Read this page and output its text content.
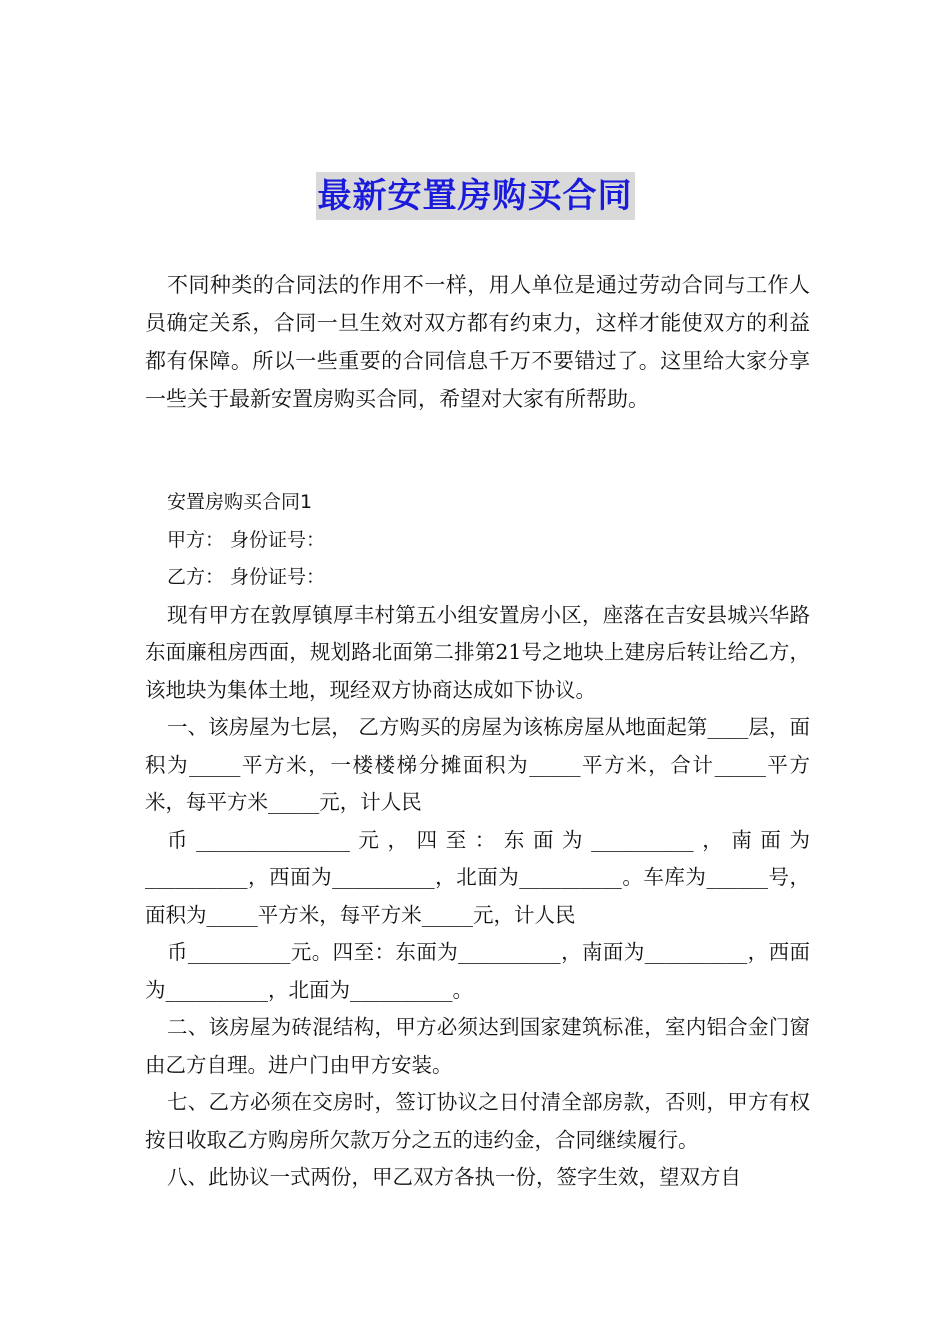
最新安置房购买合同

不同种类的合同法的作用不一样，用人单位是通过劳动合同与工作人员确定关系，合同一旦生效对双方都有约束力，这样才能使双方的利益都有保障。所以一些重要的合同信息千万不要错过了。这里给大家分享一些关于最新安置房购买合同，希望对大家有所帮助。

安置房购买合同1

甲方： 身份证号：

乙方： 身份证号：

现有甲方在敦厚镇厚丰村第五小组安置房小区，座落在吉安县城兴华路东面廉租房西面，规划路北面第二排第21号之地块上建房后转让给乙方，该地块为集体土地，现经双方协商达成如下协议。

一、该房屋为七层， 乙方购买的房屋为该栋房屋从地面起第____层，面积为_____平方米，一楼楼梯分摊面积为_____平方米，合计_____平方米，每平方米_____元，计人民

币_______________元，四至：东面为__________，南面为__________，西面为__________，北面为__________。车库为______号，面积为_____平方米，每平方米_____元，计人民

币__________元。四至：东面为__________，南面为__________，西面为__________，北面为__________。

二、该房屋为砖混结构，甲方必须达到国家建筑标准，室内铝合金门窗由乙方自理。进户门由甲方安装。

七、乙方必须在交房时，签订协议之日付清全部房款，否则，甲方有权按日收取乙方购房所欠款万分之五的违约金，合同继续履行。

八、此协议一式两份，甲乙双方各执一份，签字生效，望双方自
